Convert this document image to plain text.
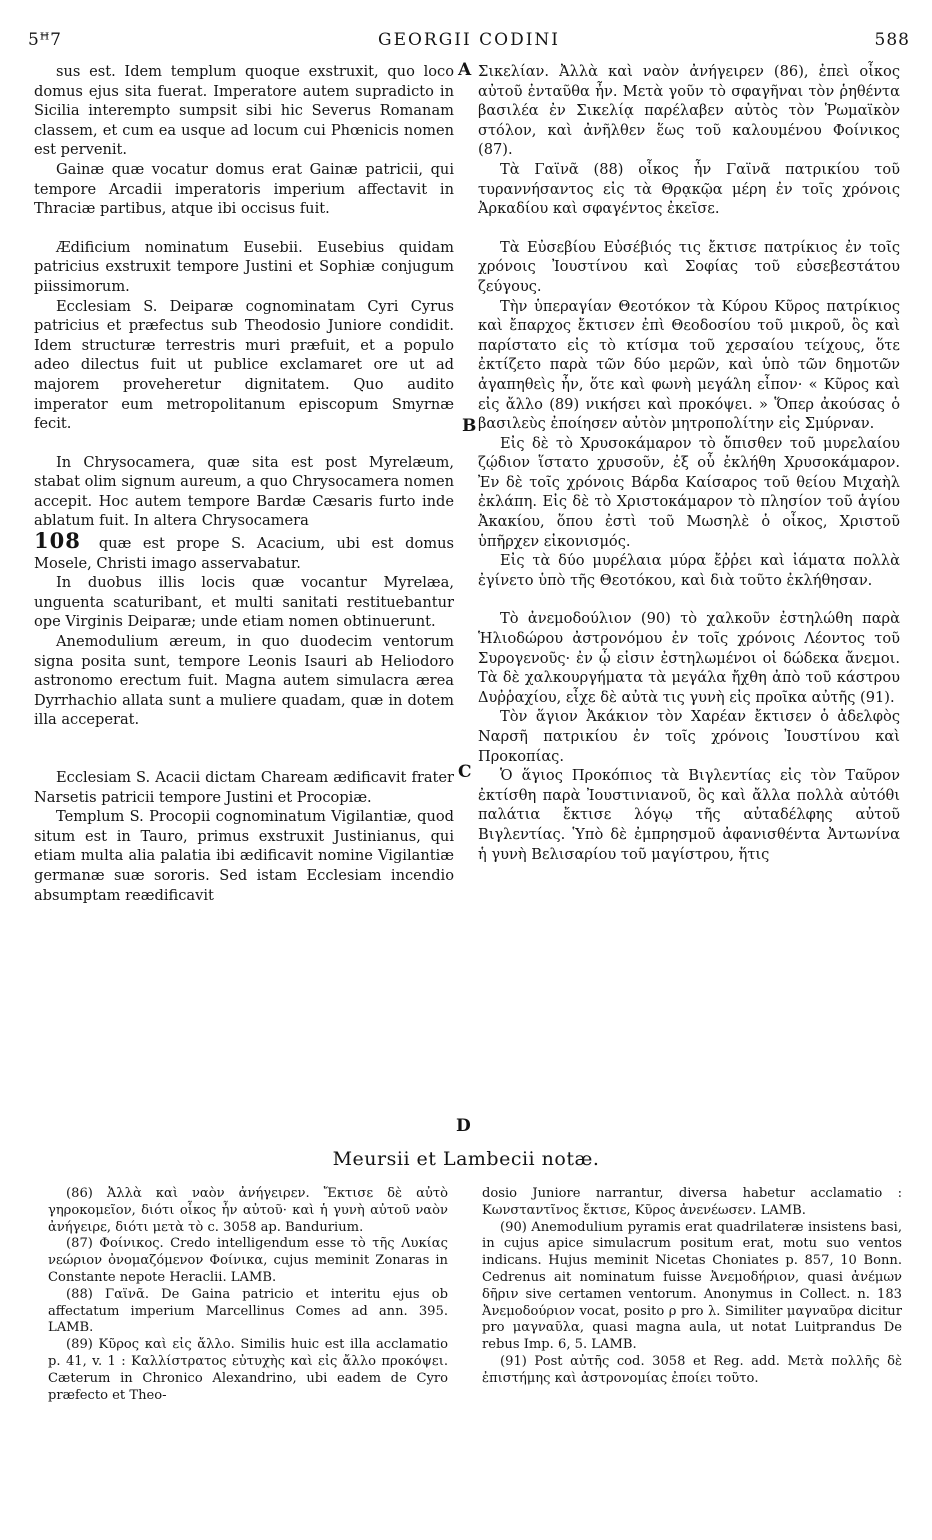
5ꟸ7	GEORGII CODINI	588

sus est. Idem templum quoque exstruxit, quo loco domus ejus sita fuerat. Imperatore autem supradicto in Sicilia interempto sumpsit sibi hic Severus Romanam classem, et cum ea usque ad locum cui Phœnicis nomen est pervenit.

Gainæ quæ vocatur domus erat Gainæ patricii, qui tempore Arcadii imperatoris imperium affectavit in Thraciæ partibus, atque ibi occisus fuit.

Ædificium nominatum Eusebii. Eusebius quidam patricius exstruxit tempore Justini et Sophiæ conjugum piissimorum.

Ecclesiam S. Deiparæ cognominatam Cyri Cyrus patricius et præfectus sub Theodosio Juniore condidit. Idem structuræ terrestris muri præfuit, et a populo adeo dilectus fuit ut publice exclamaret ore ut ad majorem proveheretur dignitatem. Quo audito imperator eum metropolitanum episcopum Smyrnæ fecit.

In Chrysocamera, quæ sita est post Myrelæum, stabat olim signum aureum, a quo Chrysocamera nomen accepit. Hoc autem tempore Bardæ Cæsaris furto inde ablatum fuit. In altera Chrysocamera

108 quæ est prope S. Acacium, ubi est domus Mosele, Christi imago asservabatur.

In duobus illis locis quæ vocantur Myrelæa, unguenta scaturibant, et multi sanitati restituebantur ope Virginis Deiparæ; unde etiam nomen obtinuerunt.

Anemodulium æreum, in quo duodecim ventorum signa posita sunt, tempore Leonis Isauri ab Heliodoro astronomo erectum fuit. Magna autem simulacra ærea Dyrrhachio allata sunt a muliere quadam, quæ in dotem illa acceperat.

Ecclesiam S. Acacii dictam Chaream ædificavit frater Narsetis patricii tempore Justini et Procopiæ.

Templum S. Procopii cognominatum Vigilantiæ, quod situm est in Tauro, primus exstruxit Justinianus, qui etiam multa alia palatia ibi ædificavit nomine Vigilantiæ germanæ suæ sororis. Sed istam Ecclesiam incendio absumptam reædificavit

A
B
C
D

Σικελίαν. Ἀλλὰ καὶ ναὸν ἀνήγειρεν (86), ἐπεὶ οἶκος αὐτοῦ ἐνταῦθα ἦν. Μετὰ γοῦν τὸ σφαγῆναι τὸν ῥηθέντα βασιλέα ἐν Σικελίᾳ παρέλαβεν αὐτὸς τὸν Ῥωμαϊκὸν στόλον, καὶ ἀνῆλθεν ἕως τοῦ καλουμένου Φοίνικος (87).

Τὰ Γαϊνᾶ (88) οἶκος ἦν Γαϊνᾶ πατρικίου τοῦ τυραννήσαντος εἰς τὰ Θρᾳκῷα μέρη ἐν τοῖς χρόνοις Ἀρκαδίου καὶ σφαγέντος ἐκεῖσε.

Τὰ Εὐσεβίου Εὐσέβιός τις ἔκτισε πατρίκιος ἐν τοῖς χρόνοις Ἰουστίνου καὶ Σοφίας τοῦ εὐσεβεστάτου ζεύγους.

Τὴν ὑπεραγίαν Θεοτόκον τὰ Κύρου Κῦρος πατρίκιος καὶ ἔπαρχος ἔκτισεν ἐπὶ Θεοδοσίου τοῦ μικροῦ, ὃς καὶ παρίστατο εἰς τὸ κτίσμα τοῦ χερσαίου τείχους, ὅτε ἐκτίζετο παρὰ τῶν δύο μερῶν, καὶ ὑπὸ τῶν δημοτῶν ἀγαπηθεὶς ἦν, ὅτε καὶ φωνὴ μεγάλη εἶπον· « Κῦρος καὶ εἰς ἄλλο (89) νικήσει καὶ προκόψει. » Ὅπερ ἀκούσας ὁ βασιλεὺς ἐποίησεν αὐτὸν μητροπολίτην εἰς Σμύρναν.

Εἰς δὲ τὸ Χρυσοκάμαρον τὸ ὄπισθεν τοῦ μυρελαίου ζῴδιον ἵστατο χρυσοῦν, ἐξ οὗ ἐκλήθη Χρυσοκάμαρον. Ἐν δὲ τοῖς χρόνοις Βάρδα Καίσαρος τοῦ θείου Μιχαὴλ ἐκλάπη. Εἰς δὲ τὸ Χριστοκάμαρον τὸ πλησίον τοῦ ἁγίου Ἀκακίου, ὅπου ἐστὶ τοῦ Μωσηλὲ ὁ οἶκος, Χριστοῦ ὑπῆρχεν εἰκονισμός.

Εἰς τὰ δύο μυρέλαια μύρα ἔῤῥει καὶ ἰάματα πολλὰ ἐγίνετο ὑπὸ τῆς Θεοτόκου, καὶ διὰ τοῦτο ἐκλήθησαν.

Τὸ ἀνεμοδούλιον (90) τὸ χαλκοῦν ἐστηλώθη παρὰ Ἡλιοδώρου ἀστρονόμου ἐν τοῖς χρόνοις Λέοντος τοῦ Συρογενοῦς· ἐν ᾧ εἰσιν ἐστηλωμένοι οἱ δώδεκα ἄνεμοι. Τὰ δὲ χαλκουργήματα τὰ μεγάλα ἤχθη ἀπὸ τοῦ κάστρου Δυῤῥαχίου, εἶχε δὲ αὐτὰ τις γυνὴ εἰς προῖκα αὐτῆς (91).

Τὸν ἅγιον Ἀκάκιον τὸν Χαρέαν ἔκτισεν ὁ ἀδελφὸς Ναρσῆ πατρικίου ἐν τοῖς χρόνοις Ἰουστίνου καὶ Προκοπίας.

Ὁ ἅγιος Προκόπιος τὰ Βιγλεντίας εἰς τὸν Ταῦρον ἐκτίσθη παρὰ Ἰουστινιανοῦ, ὃς καὶ ἄλλα πολλὰ αὐτόθι παλάτια ἔκτισε λόγῳ τῆς αὐταδέλφης αὐτοῦ Βιγλεντίας. Ὑπὸ δὲ ἐμπρησμοῦ ἀφανισθέντα Ἀντωνίνα ἡ γυνὴ Βελισαρίου τοῦ μαγίστρου, ἥτις

Meursii et Lambecii notæ.

(86) Ἀλλὰ καὶ ναὸν ἀνήγειρεν. Ἔκτισε δὲ αὐτὸ γηροκομεῖον, διότι οἶκος ἦν αὐτοῦ· καὶ ἡ γυνὴ αὐτοῦ ναὸν ἀνήγειρε, διότι μετὰ τὸ c. 3058 ap. Bandurium.

(87) Φοίνικος. Credo intelligendum esse τὸ τῆς Λυκίας νεώριον ὀνομαζόμενον Φοίνικα, cujus meminit Zonaras in Constante nepote Heraclii. LAMB.

(88) Γαϊνᾶ. De Gaina patricio et interitu ejus ob affectatum imperium Marcellinus Comes ad ann. 395. LAMB.

(89) Κῦρος καὶ εἰς ἄλλο. Similis huic est illa acclamatio p. 41, v. 1 : Καλλίστρατος εὐτυχὴς καὶ εἰς ἄλλο προκόψει. Cæterum in Chronico Alexandrino, ubi eadem de Cyro præfecto et Theo-

dosio Juniore narrantur, diversa habetur acclamatio : Κωνσταντῖνος ἔκτισε, Κῦρος ἀνενέωσεν. LAMB.

(90) Anemodulium pyramis erat quadrilateræ insistens basi, in cujus apice simulacrum positum erat, motu suo ventos indicans. Hujus meminit Nicetas Choniates p. 857, 10 Bonn. Cedrenus ait nominatum fuisse Ἀνεμοδήριον, quasi ἀνέμων δῆριν sive certamen ventorum. Anonymus in Collect. n. 183 Ἀνεμοδούριον vocat, posito ρ pro λ. Similiter μαγναῦρα dicitur pro μαγναῦλα, quasi magna aula, ut notat Luitprandus De rebus Imp. 6, 5. LAMB.

(91) Post αὐτῆς cod. 3058 et Reg. add. Μετὰ πολλῆς δὲ ἐπιστήμης καὶ ἀστρονομίας ἐποίει τοῦτο.
